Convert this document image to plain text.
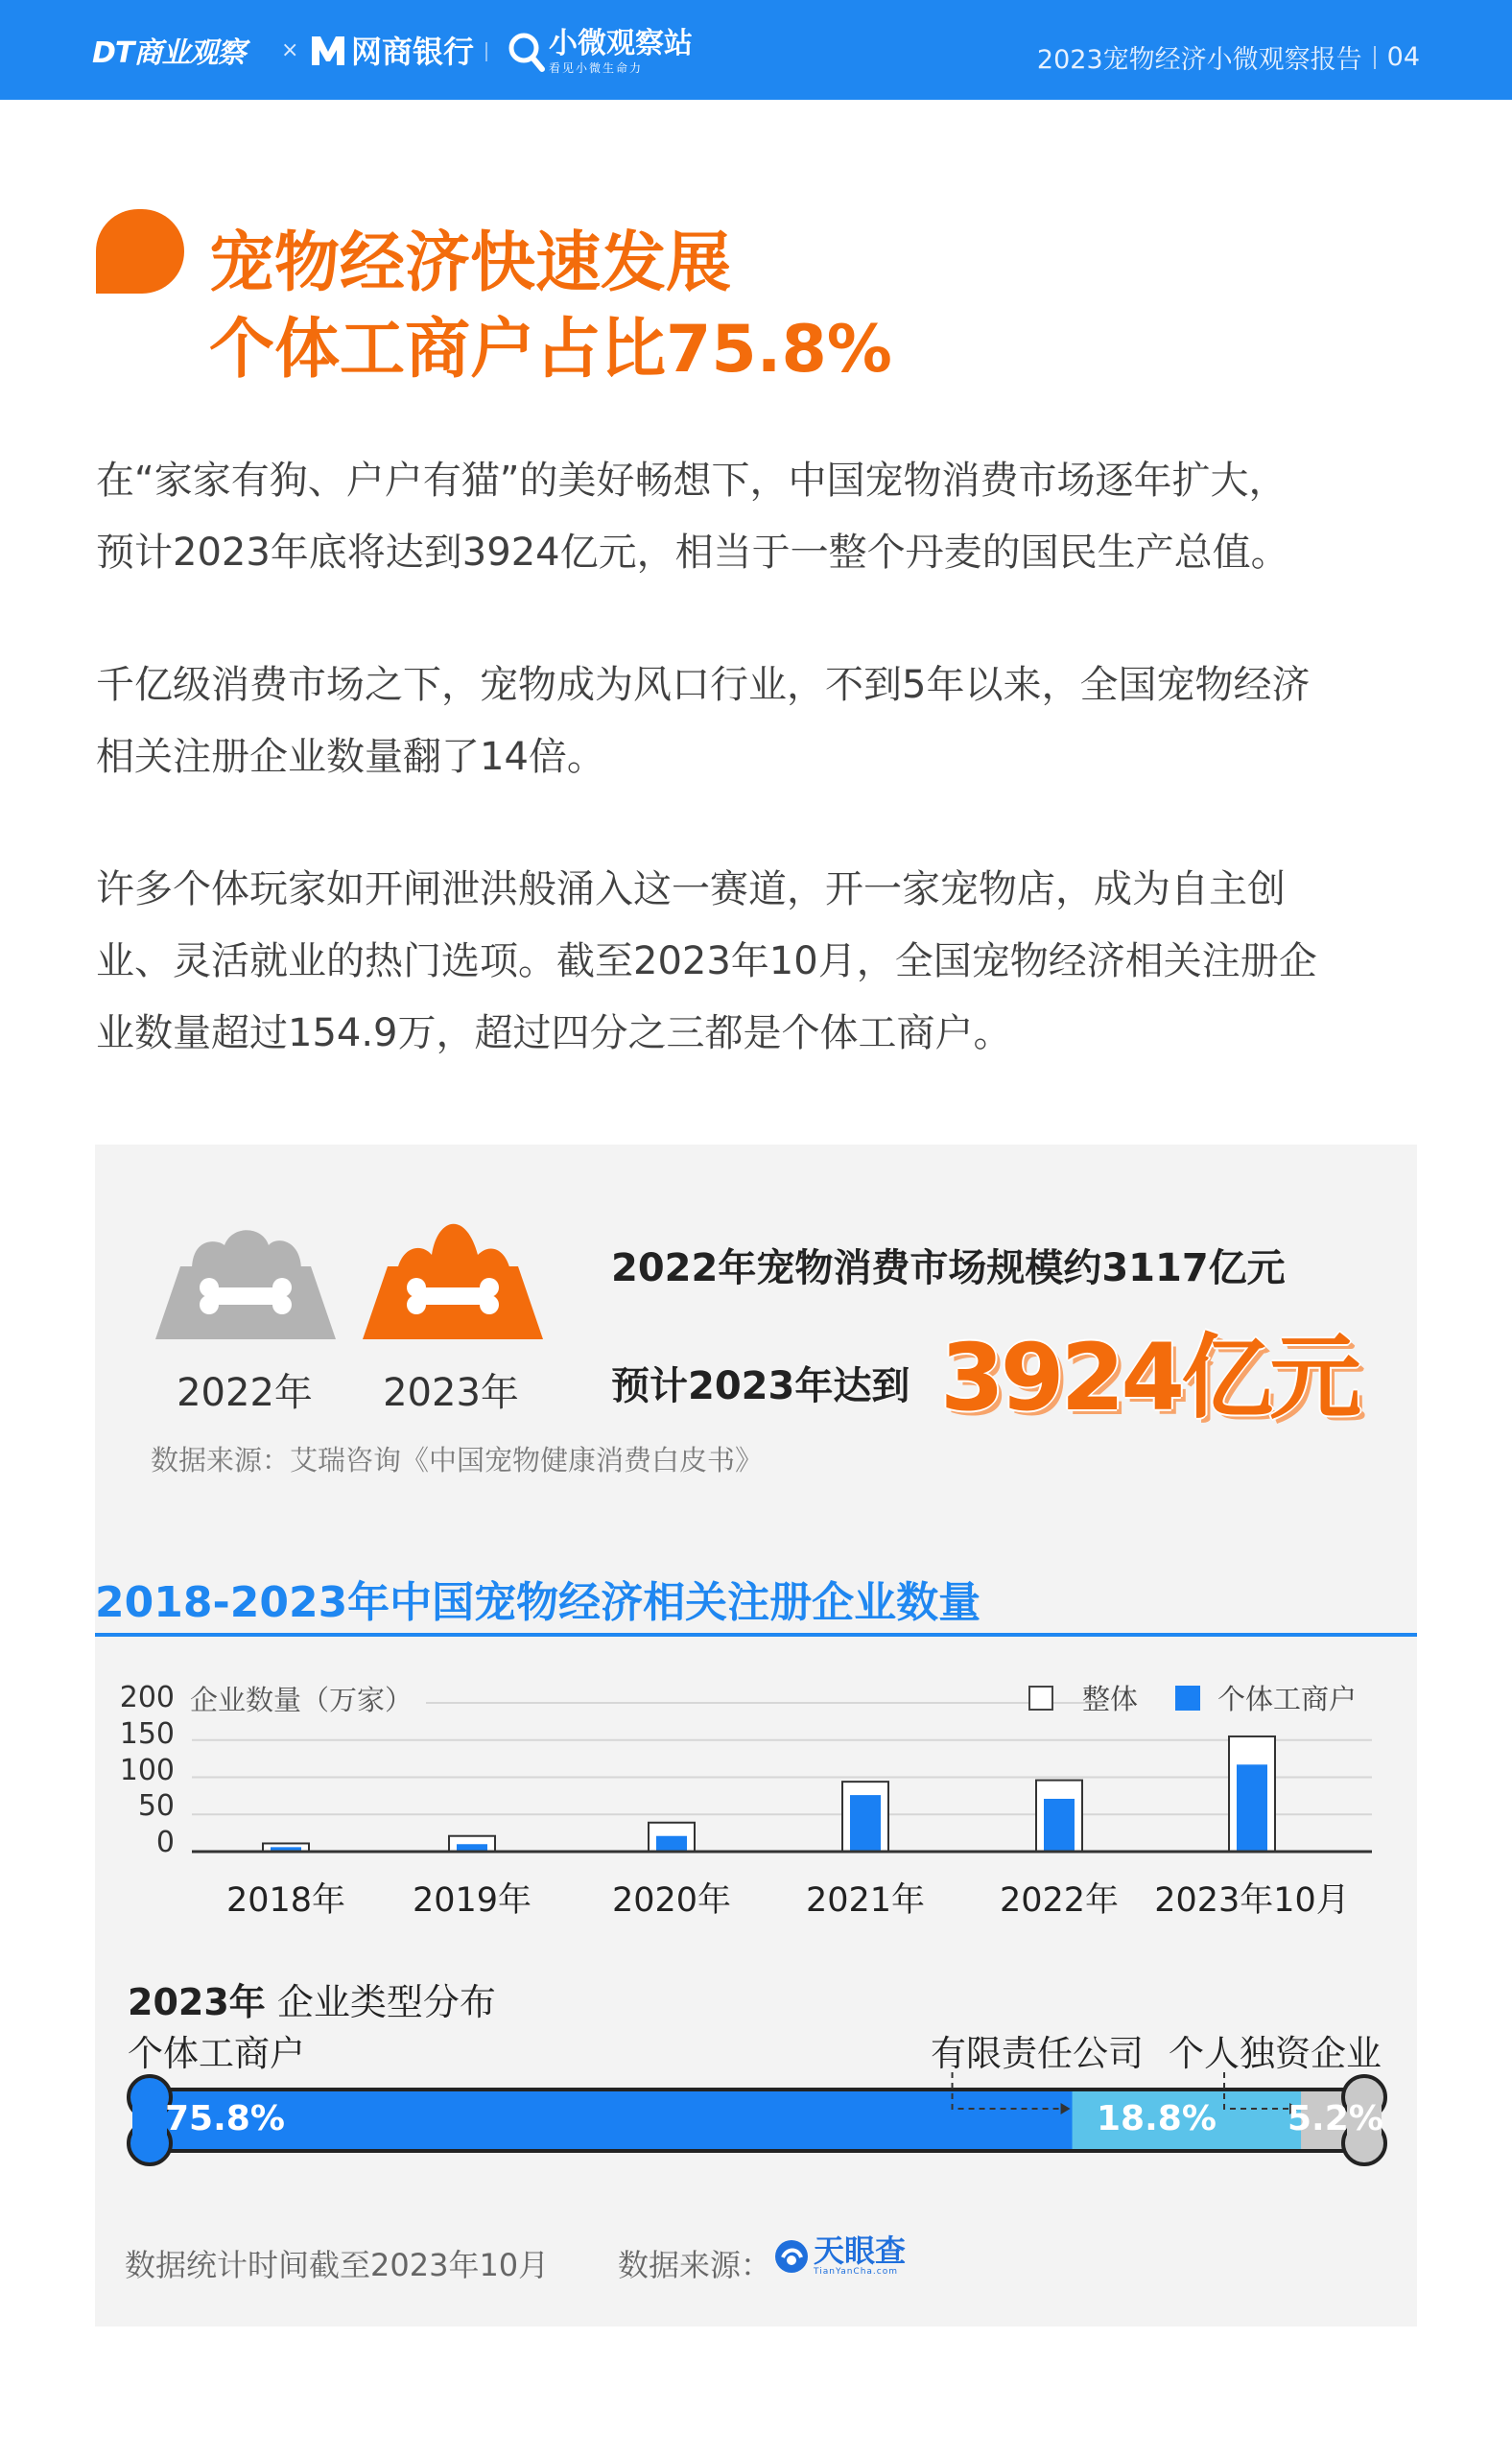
DT商业观察 × 网商银行	小微观察站
看见小微生命力	2023宠物经济小微观察报告 04
宠物经济快速发展
个体工商户占比75.8%
在“家家有狗、户户有猫”的美好畅想下，中国宠物消费市场逐年扩大，
预计2023年底将达到3924亿元，相当于一整个丹麦的国民生产总值。
千亿级消费市场之下，宠物成为风口行业，不到5年以来，全国宠物经济
相关注册企业数量翻了14倍。
许多个体玩家如开闸泄洪般涌入这一赛道，开一家宠物店，成为自主创
业、灵活就业的热门选项。截至2023年10月，全国宠物经济相关注册企
业数量超过154.9万，超过四分之三都是个体工商户。
2022年	2023年
2022年宠物消费市场规模约3117亿元
预计2023年达到 3924亿元
数据来源：艾瑞咨询《中国宠物健康消费白皮书》
2018-2023年中国宠物经济相关注册企业数量
企业数量（万家）
200
150
100
50
0
整体	个体工商户
2018年 2019年 2020年 2021年 2022年 2023年10月
2023年 企业类型分布
个体工商户	有限责任公司 个人独资企业
75.8%	18.8% 5.2%
数据统计时间截至2023年10月 数据来源： 天眼查
TianYanCha.com
